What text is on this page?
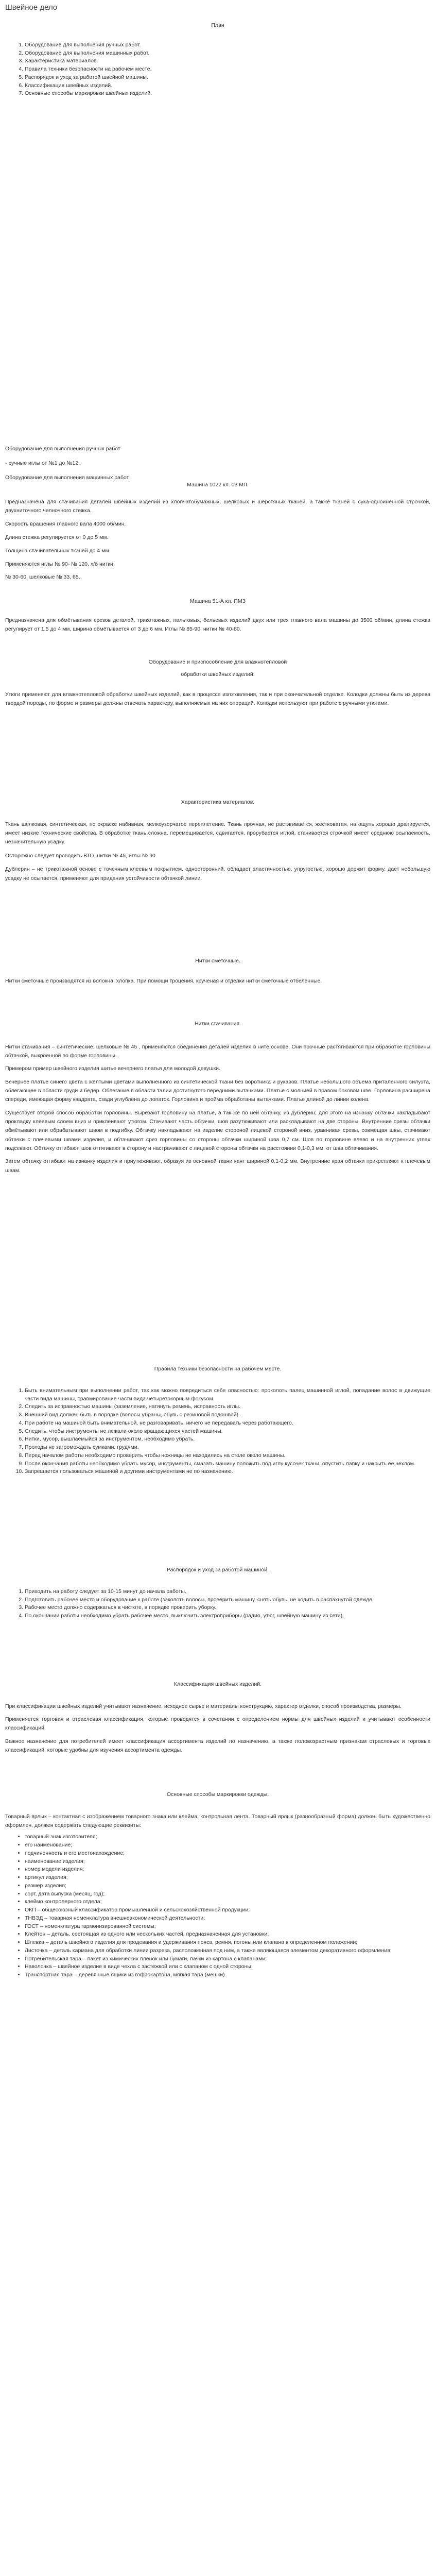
Швейное дело

План

1. Оборудование для выполнения ручных работ.
2. Оборудование для выполнения машинных работ.
3. Характеристика материалов.
4. Правила техники безопасности на рабочем месте.
5. Распорядок и уход за работой швейной машины.
6. Классификация швейных изделий.
7. Основные способы маркировки швейных изделий.

Оборудование для выполнения ручных работ

- ручные иглы от №1 до №12.

Оборудование для выполнения машинных работ.

Машина 1022 кл. 03 МЛ.

Предназначена для стачивания деталей швейных изделий из хлопчатобумажных, шелковых и шерстяных тканей, а также тканей с сука-одноиненной строчкой, двухниточного челночного стежка.

Скорость вращения главного вала 4000 об/мин.

Длина стежка регулируется от 0 до 5 мм.

Толщина стачивательных тканей до 4 мм.

Применяются иглы № 90- № 120, х/б нитки.

№ 30-60, шелковые № 33, 65.

Машина 51-А кл. ПМЗ

Предназначена для обмётывания срезов деталей, трикотажных, пальтовых, бельевых изделий двух или трех главного вала машины до 3500 об/мин, длина стежка регулирует от 1,5 до 4 мм, ширина обмётывается от 3 до 6 мм. Иглы № 85-90, нитки № 40-80.

Оборудование и приспособление для влажнотепловой

обработки швейных изделий.

Утюги применяют для влажнотепловой обработки швейных изделий, как в процессе изготовления, так и при окончательной отделке. Колодки должны быть из дерева твердой породы, по форме и размеры должны отвечать характеру, выполняемых на них операций. Колодки используют при работе с ручными утюгами.

Характеристика материалов.

Ткань шелковая, синтетическая, по окраске набивная, мелкоузорчатое переплетение. Ткань прочная, не растягивается, жестковатая, на ощупь хорошо драпируется, имеет низкие технические свойства. В обработке ткань сложна, перемещивается, сдвигается, прорубается иглой, стачивается строчкой имеет среднюю осыпаемость, незначительную усадку.

Осторожно следует проводить ВТО, нитки № 45, иглы № 90.

Дублерин – не трикотажной основе с точечным клеевым покрытием, односторонний, обладает эластичностью, упругостью, хорошо держит форму, дает небольшую усадку не осыпается, применяют для придания устойчивости обтачкой линии.

Нитки сметочные.

Нитки сметочные производятся из волокна, хлопка. При помощи троцения, крученая и отделки нитки сметочные отбеленные.

Нитки стачивания.

Нитки стачивания – синтетические, шелковые № 45 , применяются соединения деталей изделия в ните основе. Они прочные растягиваются при обработке горловины обтачкой, выкроенной по форме горловины.

Примером пример швейного изделия шитье вечернего платья для молодой девушки.

Вечернее платье синего цвета с жёлтыми цветами выполненного из синтетической ткани без воротника и рукавов. Платье небольшого объема приталенного силуэта, облегающее в области груди и бедер. Облегание в области талии достигнутого передними вытачками. Платье с молнией в правом боковом шве. Горловина расширена спереди, имеющая форму квадрата, сзади углублена до лопаток. Горловина и пройма обработаны вытачками. Платье длиной до линии колена.

Существует второй способ обработки горловины. Вырезают горловину на платье, а так же по ней обтачку, из дублерин; для этого на изнанку обтачки накладывают прокладку клеевым слоем вниз и приклеивают утюгом. Стачивают часть обтачки, шов разутюживают или раскладывают на две стороны. Внутренние срезы обтачки обмётывают или обрабатывают швом в подгибку. Обтачку накладывают на изделие стороной лицевой стороной вниз, уравнивая срезы, совмещая швы, стачивают обтачки с плечевыми швами изделия, и обтачивают срез горловины со стороны обтачки шириной шва 0,7 см. Шов по горловине влево и на внутренних углах подсекают. Обтачку отгибают, шов оттягивают в сторону и настрачивают с лицевой стороны обтачки на расстоянии 0,1-0,3 мм. от шва обтачивания.

Затем обтачку отгибают на изнанку изделия и приутюживают, образуя из основной ткани кант шириной 0,1-0,2 мм. Внутренние края обтачки прикрепляют к плечевым швам.

Правила техники безопасности на рабочем месте.

1. Быть внимательным при выполнении работ, так как можно повредиться себе опасностью: проколоть палец машинной иглой, попадание волос в движущие части вида машины, травмирование части вида четыретокорным фокусом.
2. Следить за исправностью машины (заземление, натянуть ремень, исправность иглы.
3. Внешний вид должен быть в порядке (волосы убраны, обувь с резиновой подошвой).
4. При работе на машиной быть внимательной, не разговаривать, ничего не передавать через работающего.
5. Следить, чтобы инструменты не лежали около вращающихся частей машины.
6. Нитки, мусор, вышлаемыйся за инструментом, необходимо убрать.
7. Проходы не загромождать сумками, грудями.
8. Перед началом работы необходимо проверить чтобы ножницы не находились на столе около машины.
9. После окончания работы необходимо убрать мусор, инструменты, смазать машину положить под иглу кусочек ткани, опустить лапку и накрыть ее чехлом.
10. Запрещается пользоваться машиной и другими инструментами не по назначению.

Распорядок и уход за работой машиной.

1. Приходить на работу следует за 10-15 минут до начала работы.
2. Подготовить рабочее место и оборудование к работе (заколоть волосы, проверить машину, снять обувь, не ходить в распахнутой одежде.
3. Рабочее место должно содержаться в чистоте, в порядке проверить уборку.
4. По окончании работы необходимо убрать рабочее место, выключить электроприборы (радио, утюг, швейную машину из сети).

Классификация швейных изделий.

При классификации швейных изделий учитывают назначение, исходное сырье и материалы конструкцию, характер отделки, способ производства, размеры.

Применяется торговая и отраслевая классификация, которые проводятся в сочетании с определением нормы для швейных изделий и учитывают особенности классификаций.

Важное назначение для потребителей имеет классификация ассортимента изделий по назначению, а также половозрастным признакам отраслевых и торговых классификаций, которые удобны для изучения ассортимента одежды.

Основные способы маркировки одежды.

Товарный ярлык – контактная с изображением товарного знака или клейма, контрольная лента. Товарный ярлык (разнообразный форма) должен быть художественно оформлен, должен содержать следующие реквизиты:

• товарный знак изготовителя;
• его наименование;
• подчиненность и его местонахождение;
• наименование изделия;
• номер модели изделия;
• артикул изделия;
• размер изделия;
• сорт, дата выпуска (месяц, год);
• клеймо контролерного отдела;
• ОКП – общесоюзный классификатор промышленной и сельскохозяйственной продукции;
• ТНВЭД – товарная номенклатура внешнеэкономической деятельности;
• ГОСТ – номенклатура гармонизированной системы;
• Клейтон – деталь, состоящая из одного или нескольких частей, предназначенная для установки;
• Шлевка – деталь швейного изделия для продевания и удерживания пояса, ремня, погоны или клапана в определенном положении;
• Листочка – деталь кармана для обработки линии разреза, расположенная под ним, а также являющаяся элементом декоративного оформления;
• Потребительская тара – пакет из химических пленок или бумаги, пачки из картона с клапанами;
• Наволочка – швейное изделие в виде чехла с застежкой или с клапаном с одной стороны;
• Транспортная тара – деревянные ящики из гофрокартона, мягкая тара (мешки).
